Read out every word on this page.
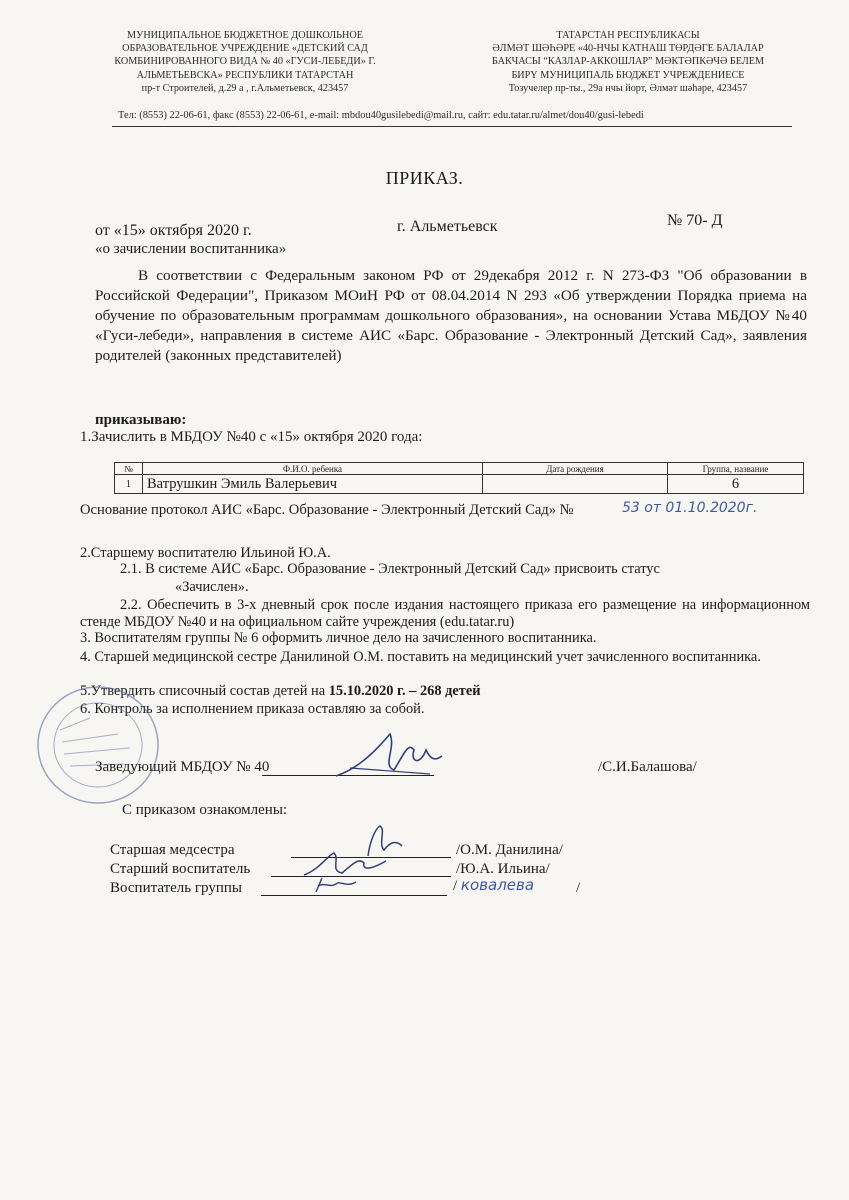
МУНИЦИПАЛЬНОЕ БЮДЖЕТНОЕ ДОШКОЛЬНОЕ
ОБРАЗОВАТЕЛЬНОЕ УЧРЕЖДЕНИЕ «ДЕТСКИЙ САД
КОМБИНИРОВАННОГО ВИДА № 40 «ГУСИ-ЛЕБЕДИ» Г.
АЛЬМЕТЬЕВСКА» РЕСПУБЛИКИ ТАТАРСТАН
пр-т Строителей, д.29 а , г.Альметьевск, 423457
ТАТАРСТАН РЕСПУБЛИКАСЫ
ӘЛМӘТ ШӘҺӘРЕ «40-НЧЫ КАТНАШ ТӨРДӘГЕ БАЛАЛАР
БАКЧАСЫ “КАЗЛАР-АККОШЛАР” МӘКТӘПКӘЧӘ БЕЛЕМ
БИРҮ МУНИЦИПАЛЬ БЮДЖЕТ УЧРЕЖДЕНИЕСЕ
Тозучелер пр-ты., 29а нчы йорт, Әлмәт шәһәре, 423457
Тел: (8553) 22-06-61, факс (8553) 22-06-61, e-mail: mbdou40gusilebedi@mail.ru, сайт: edu.tatar.ru/almet/dou40/gusi-lebedi
ПРИКАЗ.
от «15» октября 2020 г.	г. Альметьевск	№ 70- Д
«о зачислении воспитанника»
В соответствии с Федеральным законом РФ от 29декабря 2012 г. N 273-ФЗ "Об образовании в Российской Федерации", Приказом МОиН РФ от 08.04.2014 N 293 «Об утверждении Порядка приема на обучение по образовательным программам дошкольного образования», на основании Устава МБДОУ №40 «Гуси-лебеди», направления в системе АИС «Барс. Образование - Электронный Детский Сад», заявления родителей (законных представителей)
приказываю:
1.Зачислить в МБДОУ №40 с «15» октября 2020 года:
№	Ф.И.О. ребенка	Дата рождения	Группа, название
1	Ватрушкин Эмиль Валерьевич		6
Основание протокол АИС «Барс. Образование - Электронный Детский Сад» №	53 от 01.10.2020г.
2.Старшему воспитателю Ильиной Ю.А.
2.1. В системе АИС «Барс. Образование - Электронный Детский Сад» присвоить статус
«Зачислен».
2.2. Обеспечить в 3-х дневный срок после издания настоящего приказа его размещение на информационном стенде МБДОУ №40 и на официальном сайте учреждения (edu.tatar.ru)
3. Воспитателям группы № 6 оформить личное дело на зачисленного воспитанника.
4. Старшей медицинской сестре Данилиной О.М. поставить на медицинский учет зачисленного воспитанника.
5.Утвердить списочный состав детей на 15.10.2020 г. – 268 детей
6. Контроль за исполнением приказа оставляю за собой.
Заведующий МБДОУ № 40	/С.И.Балашова/
С приказом ознакомлены:
Старшая медсестра	/О.М. Данилина/
Старший воспитатель	/Ю.А. Ильина/
Воспитатель группы	/ ковалева	/
